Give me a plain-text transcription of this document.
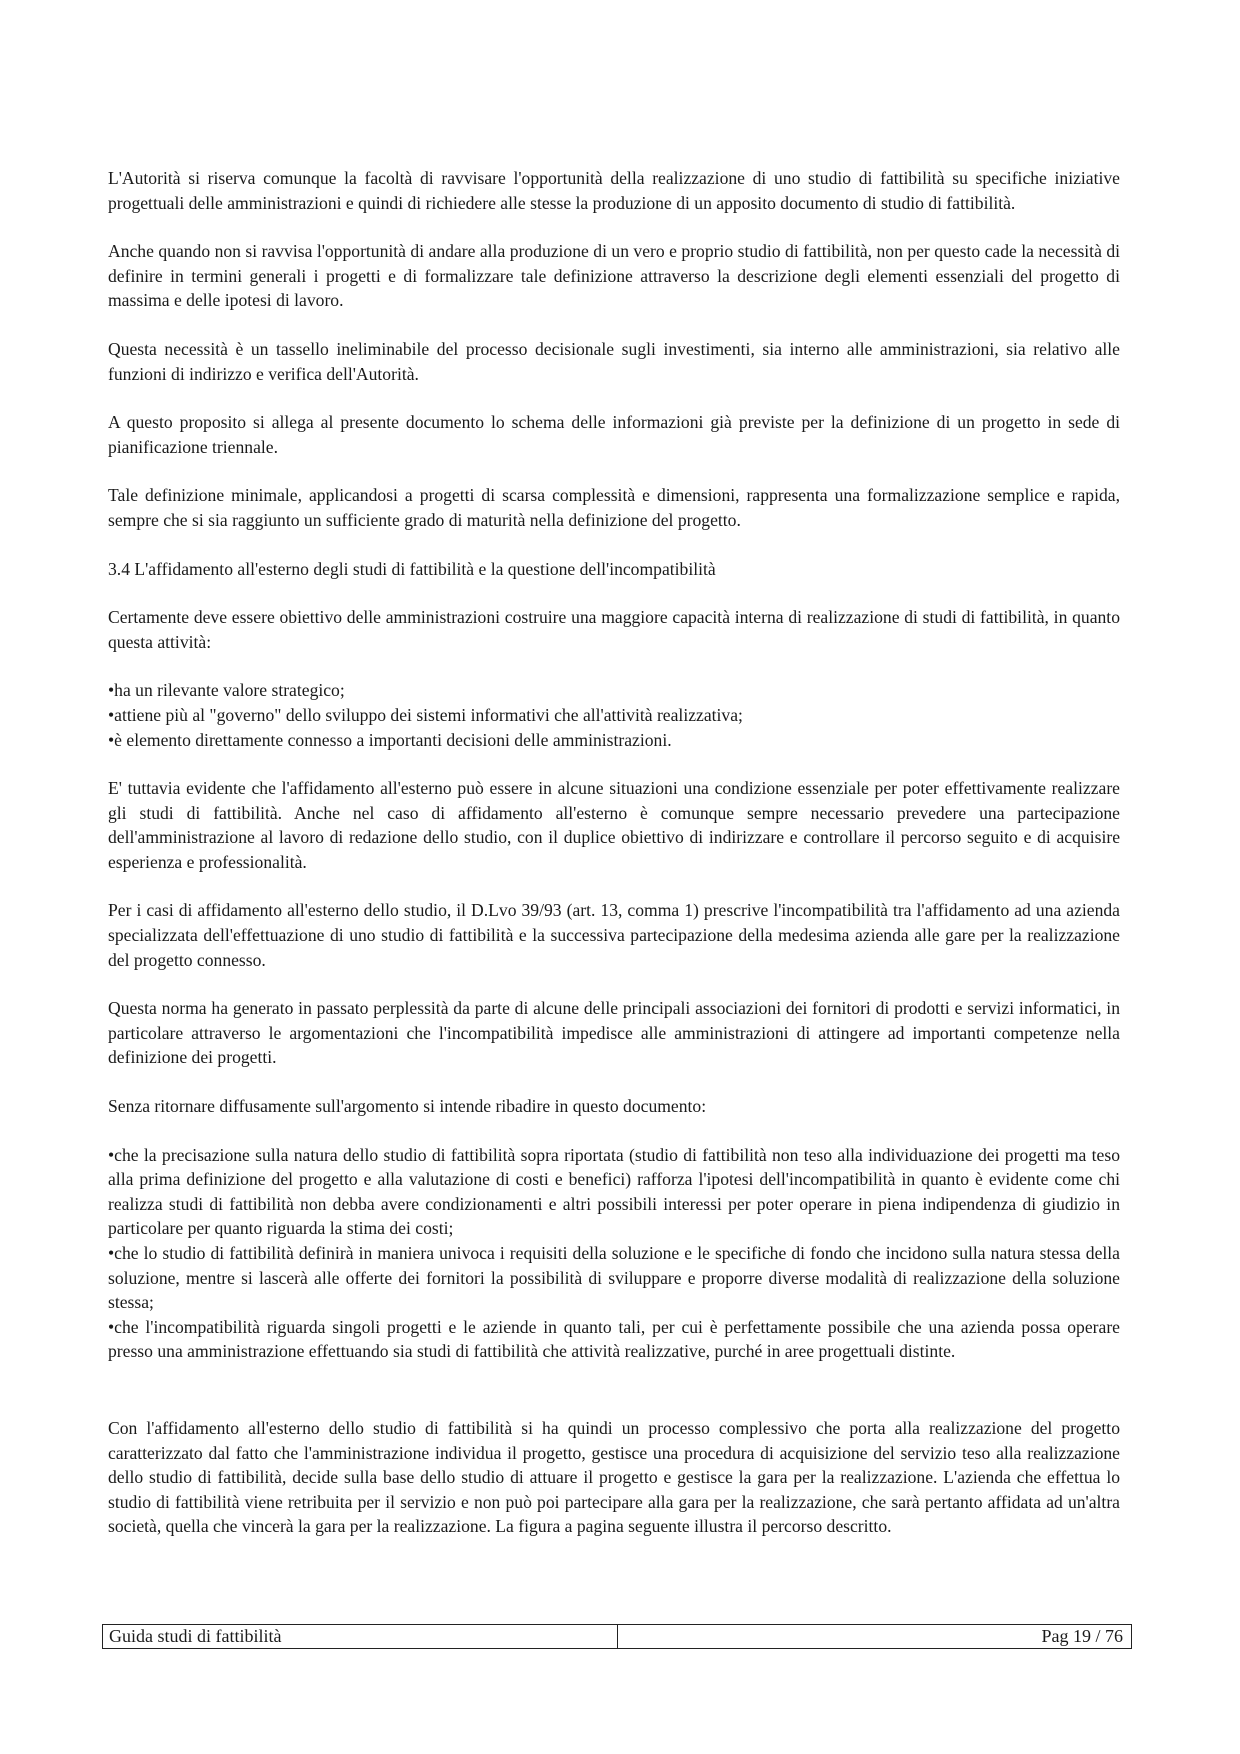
L'Autorità si riserva comunque la facoltà di ravvisare l'opportunità della realizzazione di uno studio di fattibilità su specifiche iniziative progettuali delle amministrazioni e quindi di richiedere alle stesse la produzione di un apposito documento di studio di fattibilità.

Anche quando non si ravvisa l'opportunità di andare alla produzione di un vero e proprio studio di fattibilità, non per questo cade la necessità di definire in termini generali i progetti e di formalizzare tale definizione attraverso la descrizione degli elementi essenziali del progetto di massima e delle ipotesi di lavoro.

Questa necessità è un tassello ineliminabile del processo decisionale sugli investimenti, sia interno alle amministrazioni, sia relativo alle funzioni di indirizzo e verifica dell'Autorità.

A questo proposito si allega al presente documento lo schema delle informazioni già previste per la definizione di un progetto in sede di pianificazione triennale.

Tale definizione minimale, applicandosi a progetti di scarsa complessità e dimensioni, rappresenta una formalizzazione semplice e rapida, sempre che si sia raggiunto un sufficiente grado di maturità nella definizione del progetto.

3.4 L'affidamento all'esterno degli studi di fattibilità e la questione dell'incompatibilità

Certamente deve essere obiettivo delle amministrazioni costruire una maggiore capacità interna di realizzazione di studi di fattibilità, in quanto questa attività:

• ha un rilevante valore strategico;

• attiene più al "governo" dello sviluppo dei sistemi informativi che all'attività realizzativa;

• è elemento direttamente connesso a importanti decisioni delle amministrazioni.

E' tuttavia evidente che l'affidamento all'esterno può essere in alcune situazioni una condizione essenziale per poter effettivamente realizzare gli studi di fattibilità. Anche nel caso di affidamento all'esterno è comunque sempre necessario prevedere una partecipazione dell'amministrazione al lavoro di redazione dello studio, con il duplice obiettivo di indirizzare e controllare il percorso seguito e di acquisire esperienza e professionalità.

Per i casi di affidamento all'esterno dello studio, il D.Lvo 39/93 (art. 13, comma 1) prescrive l'incompatibilità tra l'affidamento ad una azienda specializzata dell'effettuazione di uno studio di fattibilità e la successiva partecipazione della medesima azienda alle gare per la realizzazione del progetto connesso.

Questa norma ha generato in passato perplessità da parte di alcune delle principali associazioni dei fornitori di prodotti e servizi informatici, in particolare attraverso le argomentazioni che l'incompatibilità impedisce alle amministrazioni di attingere ad importanti competenze nella definizione dei progetti.

Senza ritornare diffusamente sull'argomento si intende ribadire in questo documento:

• che la precisazione sulla natura dello studio di fattibilità sopra riportata (studio di fattibilità non teso alla individuazione dei progetti ma teso alla prima definizione del progetto e alla valutazione di costi e benefici) rafforza l'ipotesi dell'incompatibilità in quanto è evidente come chi realizza studi di fattibilità non debba avere condizionamenti e altri possibili interessi per poter operare in piena indipendenza di giudizio in particolare per quanto riguarda la stima dei costi;

• che lo studio di fattibilità definirà in maniera univoca i requisiti della soluzione e le specifiche di fondo che incidono sulla natura stessa della soluzione, mentre si lascerà alle offerte dei fornitori la possibilità di sviluppare e proporre diverse modalità di realizzazione della soluzione stessa;

• che l'incompatibilità riguarda singoli progetti e le aziende in quanto tali, per cui è perfettamente possibile che una azienda possa operare presso una amministrazione effettuando sia studi di fattibilità che attività realizzative, purché in aree progettuali distinte.

Con l'affidamento all'esterno dello studio di fattibilità si ha quindi un processo complessivo che porta alla realizzazione del progetto caratterizzato dal fatto che l'amministrazione individua il progetto, gestisce una procedura di acquisizione del servizio teso alla realizzazione dello studio di fattibilità, decide sulla base dello studio di attuare il progetto e gestisce la gara per la realizzazione. L'azienda che effettua lo studio di fattibilità viene retribuita per il servizio e non può poi partecipare alla gara per la realizzazione, che sarà pertanto affidata ad un'altra società, quella che vincerà la gara per la realizzazione. La figura a pagina seguente illustra il percorso descritto.

Guida studi di fattibilità	Pag 19 / 76
